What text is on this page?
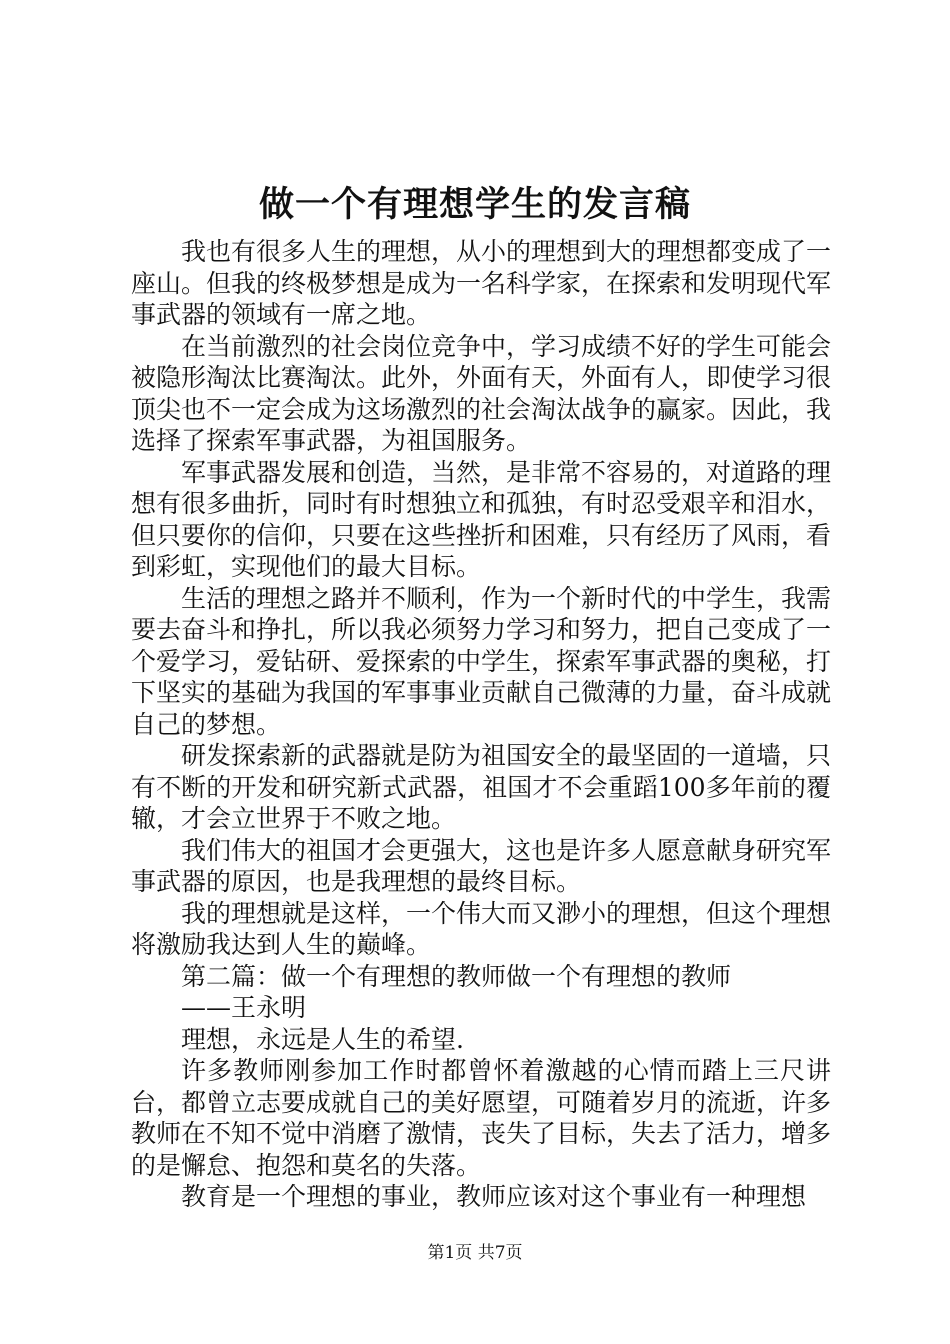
做一个有理想学生的发言稿

我也有很多人生的理想，从小的理想到大的理想都变成了一座山。但我的终极梦想是成为一名科学家，在探索和发明现代军事武器的领域有一席之地。

在当前激烈的社会岗位竞争中，学习成绩不好的学生可能会被隐形淘汰比赛淘汰。此外，外面有天，外面有人，即使学习很顶尖也不一定会成为这场激烈的社会淘汰战争的赢家。因此，我选择了探索军事武器，为祖国服务。

军事武器发展和创造，当然，是非常不容易的，对道路的理想有很多曲折，同时有时想独立和孤独，有时忍受艰辛和泪水，但只要你的信仰，只要在这些挫折和困难，只有经历了风雨，看到彩虹，实现他们的最大目标。

生活的理想之路并不顺利，作为一个新时代的中学生，我需要去奋斗和挣扎，所以我必须努力学习和努力，把自己变成了一个爱学习，爱钻研、爱探索的中学生，探索军事武器的奥秘，打下坚实的基础为我国的军事事业贡献自己微薄的力量，奋斗成就自己的梦想。

研发探索新的武器就是防为祖国安全的最坚固的一道墙，只有不断的开发和研究新式武器，祖国才不会重蹈100多年前的覆辙，才会立世界于不败之地。

我们伟大的祖国才会更强大，这也是许多人愿意献身研究军事武器的原因，也是我理想的最终目标。

我的理想就是这样，一个伟大而又渺小的理想，但这个理想将激励我达到人生的巅峰。

第二篇：做一个有理想的教师做一个有理想的教师

——王永明

理想，永远是人生的希望.

许多教师刚参加工作时都曾怀着激越的心情而踏上三尺讲台，都曾立志要成就自己的美好愿望，可随着岁月的流逝，许多教师在不知不觉中消磨了激情，丧失了目标，失去了活力，增多的是懈怠、抱怨和莫名的失落。

教育是一个理想的事业，教师应该对这个事业有一种理想

第1页 共7页
